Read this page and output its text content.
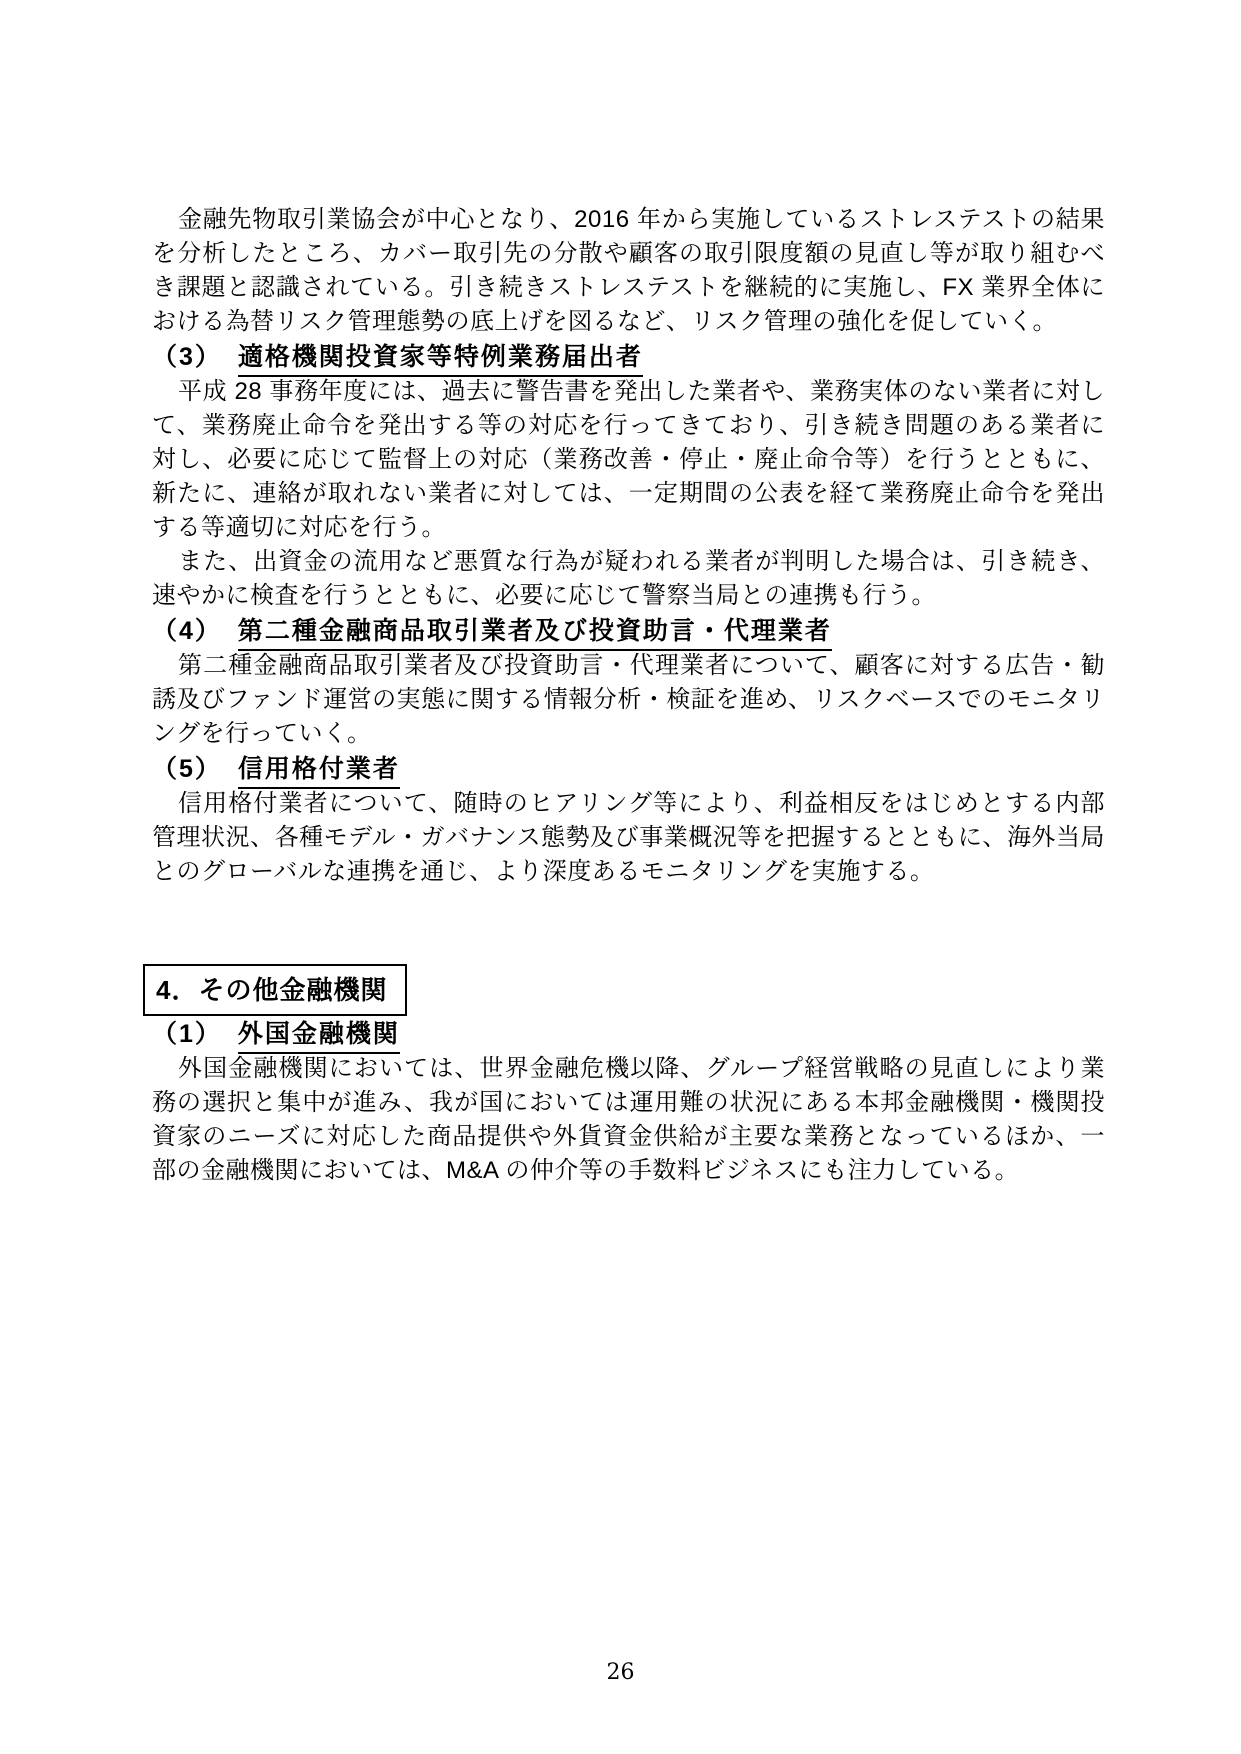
金融先物取引業協会が中心となり、2016 年から実施しているストレステストの結果を分析したところ、カバー取引先の分散や顧客の取引限度額の見直し等が取り組むべき課題と認識されている。引き続きストレステストを継続的に実施し、FX 業界全体における為替リスク管理態勢の底上げを図るなど、リスク管理の強化を促していく。

（3） 適格機関投資家等特例業務届出者

平成 28 事務年度には、過去に警告書を発出した業者や、業務実体のない業者に対して、業務廃止命令を発出する等の対応を行ってきており、引き続き問題のある業者に対し、必要に応じて監督上の対応（業務改善・停止・廃止命令等）を行うとともに、新たに、連絡が取れない業者に対しては、一定期間の公表を経て業務廃止命令を発出する等適切に対応を行う。

また、出資金の流用など悪質な行為が疑われる業者が判明した場合は、引き続き、速やかに検査を行うとともに、必要に応じて警察当局との連携も行う。

（4） 第二種金融商品取引業者及び投資助言・代理業者

第二種金融商品取引業者及び投資助言・代理業者について、顧客に対する広告・勧誘及びファンド運営の実態に関する情報分析・検証を進め、リスクベースでのモニタリングを行っていく。

（5） 信用格付業者

信用格付業者について、随時のヒアリング等により、利益相反をはじめとする内部管理状況、各種モデル・ガバナンス態勢及び事業概況等を把握するとともに、海外当局とのグローバルな連携を通じ、より深度あるモニタリングを実施する。

4．その他金融機関
（1） 外国金融機関

外国金融機関においては、世界金融危機以降、グループ経営戦略の見直しにより業務の選択と集中が進み、我が国においては運用難の状況にある本邦金融機関・機関投資家のニーズに対応した商品提供や外貨資金供給が主要な業務となっているほか、一部の金融機関においては、M&A の仲介等の手数料ビジネスにも注力している。

26
